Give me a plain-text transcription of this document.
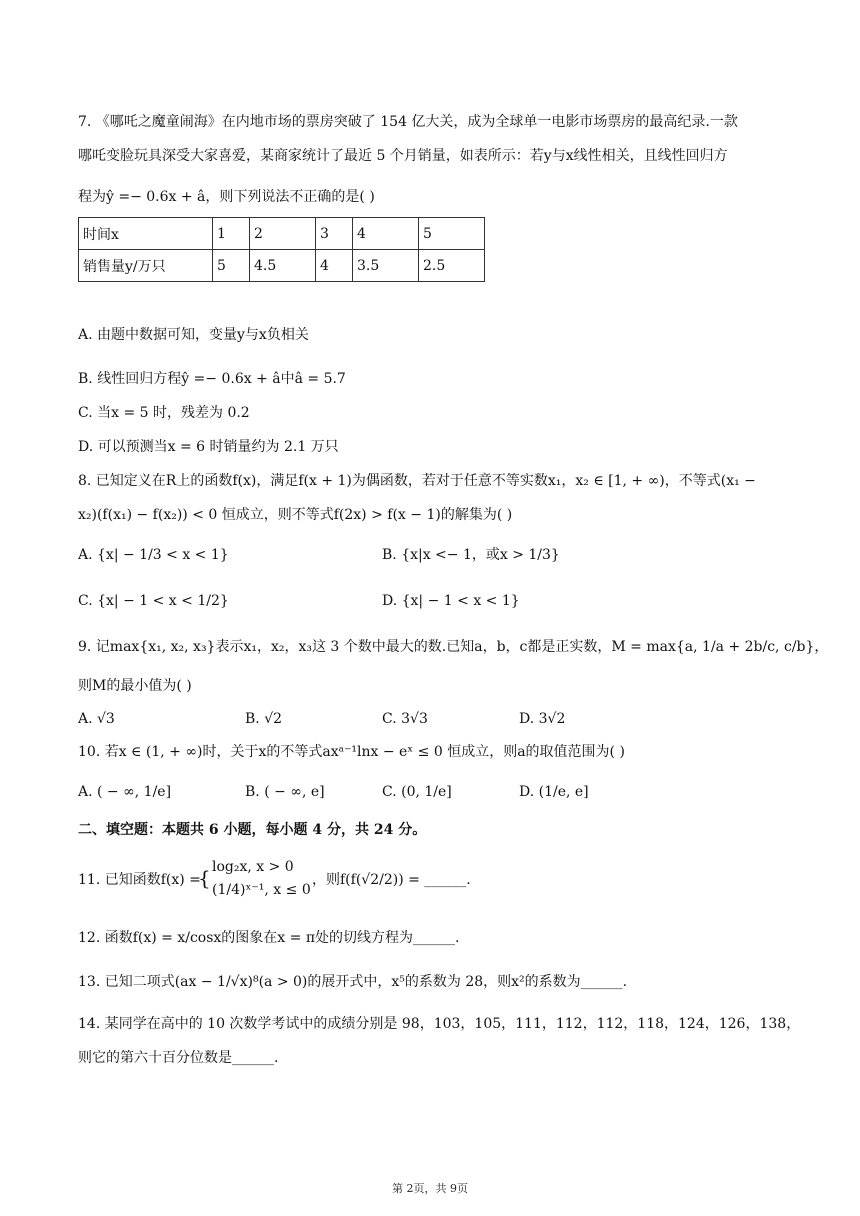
7. 《哪吒之魔童闹海》在内地市场的票房突破了 154 亿大关，成为全球单一电影市场票房的最高纪录.一款
哪吒变脸玩具深受大家喜爱，某商家统计了最近 5 个月销量，如表所示：若y与x线性相关，且线性回归方
程为ŷ =− 0.6x + â，则下列说法不正确的是( )
时间x	1	2	3	4	5
销售量y/万只	5	4.5	4	3.5	2.5
A. 由题中数据可知，变量y与x负相关
B. 线性回归方程ŷ =− 0.6x + â中â = 5.7
C. 当x = 5 时，残差为 0.2
D. 可以预测当x = 6 时销量约为 2.1 万只
8. 已知定义在R上的函数f(x)，满足f(x + 1)为偶函数，若对于任意不等实数x₁，x₂ ∈ [1, + ∞)，不等式(x₁ −
x₂)(f(x₁) − f(x₂)) < 0 恒成立，则不等式f(2x) > f(x − 1)的解集为( )
A. {x| − 1/3 < x < 1}	B. {x|x <− 1，或x > 1/3}
C. {x| − 1 < x < 1/2}	D. {x| − 1 < x < 1}
9. 记max{x₁, x₂, x₃}表示x₁，x₂，x₃这 3 个数中最大的数.已知a，b，c都是正实数，M = max{a, 1/a + 2b/c, c/b}，
则M的最小值为( )
A. √3	B. √2	C. 3√3	D. 3√2
10. 若x ∈ (1, + ∞)时，关于x的不等式axᵃ⁻¹lnx − eˣ ≤ 0 恒成立，则a的取值范围为( )
A. ( − ∞, 1/e]	B. ( − ∞, e]	C. (0, 1/e]	D. (1/e, e]
二、填空题：本题共 6 小题，每小题 4 分，共 24 分。
11. 已知函数f(x) =
{ log₂x, x > 0
(1/4)ˣ⁻¹, x ≤ 0
，则f(f(√2/2)) = ______.
12. 函数f(x) = x/cosx的图象在x = π处的切线方程为______.
13. 已知二项式(ax − 1/√x)⁸(a > 0)的展开式中，x⁵的系数为 28，则x²的系数为______.
14. 某同学在高中的 10 次数学考试中的成绩分别是 98，103，105，111，112，112，118，124，126，138，
则它的第六十百分位数是______.
第 2页，共 9页
